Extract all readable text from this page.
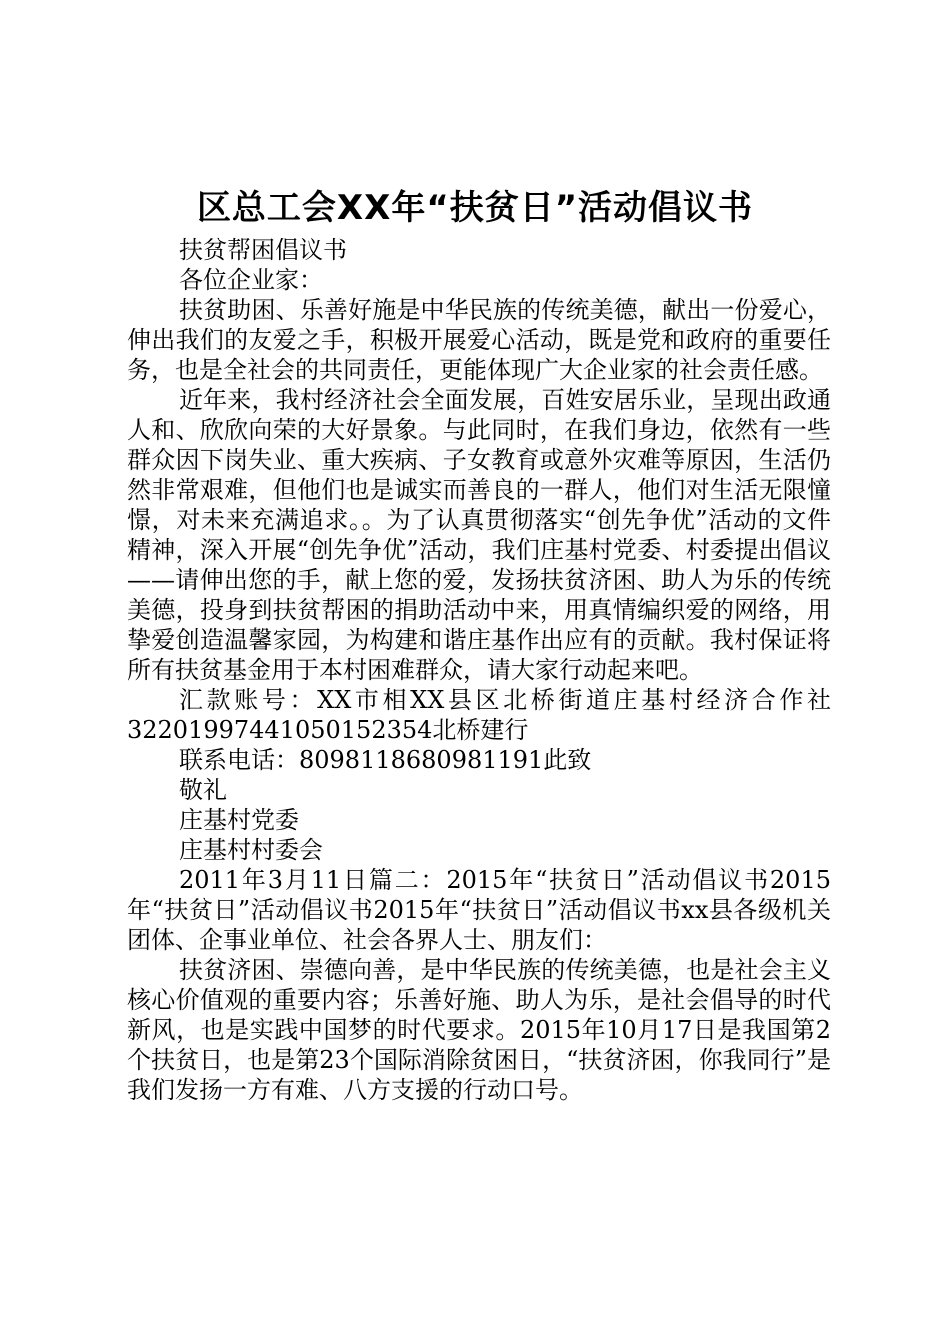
区总工会XX年“扶贫日”活动倡议书

扶贫帮困倡议书

各位企业家：

扶贫助困、乐善好施是中华民族的传统美德，献出一份爱心，伸出我们的友爱之手，积极开展爱心活动，既是党和政府的重要任务，也是全社会的共同责任，更能体现广大企业家的社会责任感。

近年来，我村经济社会全面发展，百姓安居乐业，呈现出政通人和、欣欣向荣的大好景象。与此同时，在我们身边，依然有一些群众因下岗失业、重大疾病、子女教育或意外灾难等原因，生活仍然非常艰难，但他们也是诚实而善良的一群人，他们对生活无限憧憬，对未来充满追求。。为了认真贯彻落实“创先争优”活动的文件精神，深入开展“创先争优”活动，我们庄基村党委、村委提出倡议——请伸出您的手，献上您的爱，发扬扶贫济困、助人为乐的传统美德，投身到扶贫帮困的捐助活动中来，用真情编织爱的网络，用挚爱创造温馨家园，为构建和谐庄基作出应有的贡献。我村保证将所有扶贫基金用于本村困难群众，请大家行动起来吧。

汇款账号：XX市相XX县区北桥街道庄基村经济合作社32201997441050152354北桥建行

联系电话：8098118680981191此致

敬礼

庄基村党委

庄基村村委会

2011年3月11日篇二：2015年“扶贫日”活动倡议书2015年“扶贫日”活动倡议书2015年“扶贫日”活动倡议书xx县各级机关团体、企事业单位、社会各界人士、朋友们：

扶贫济困、崇德向善，是中华民族的传统美德，也是社会主义核心价值观的重要内容；乐善好施、助人为乐，是社会倡导的时代新风，也是实践中国梦的时代要求。2015年10月17日是我国第2个扶贫日，也是第23个国际消除贫困日，“扶贫济困，你我同行”是我们发扬一方有难、八方支援的行动口号。
